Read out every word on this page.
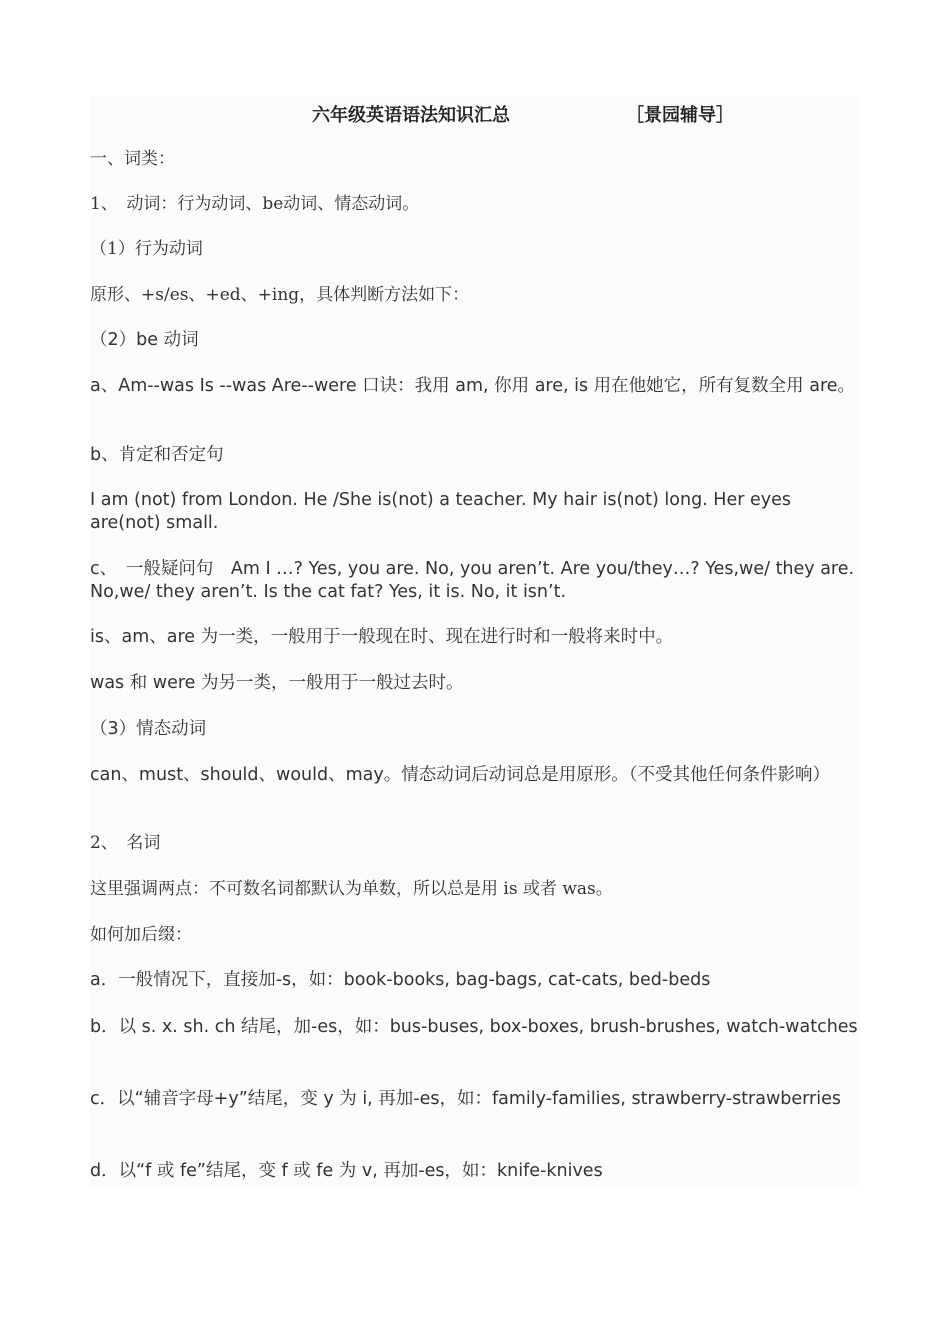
六年级英语语法知识汇总	［景园辅导］
一、词类：
1、　动词：行为动词、be动词、情态动词。
（1）行为动词
原形、+s/es、+ed、+ing，具体判断方法如下：
（2）be 动词
a、Am--was Is --was Are--were 口诀：我用 am, 你用 are, is 用在他她它，所有复数全用 are。
b、肯定和否定句
I am (not) from London. He /She is(not) a teacher. My hair is(not) long. Her eyes are(not) small.
c、　一般疑问句　Am I …? Yes, you are. No, you aren’t. Are you/they…? Yes,we/ they are. No,we/ they aren’t. Is the cat fat? Yes, it is. No, it isn’t.
is、am、are 为一类，一般用于一般现在时、现在进行时和一般将来时中。
was 和 were 为另一类，一般用于一般过去时。
（3）情态动词
can、must、should、would、may。情态动词后动词总是用原形。（不受其他任何条件影响）
2、　名词
这里强调两点：不可数名词都默认为单数，所以总是用 is 或者 was。
如何加后缀：
a．一般情况下，直接加-s，如：book-books, bag-bags, cat-cats, bed-beds
b．以 s. x. sh. ch 结尾，加-es，如：bus-buses, box-boxes, brush-brushes, watch-watches
c．以“辅音字母+y”结尾，变 y 为 i, 再加-es，如：family-families, strawberry-strawberries
d．以“f 或 fe”结尾，变 f 或 fe 为 v, 再加-es，如：knife-knives
